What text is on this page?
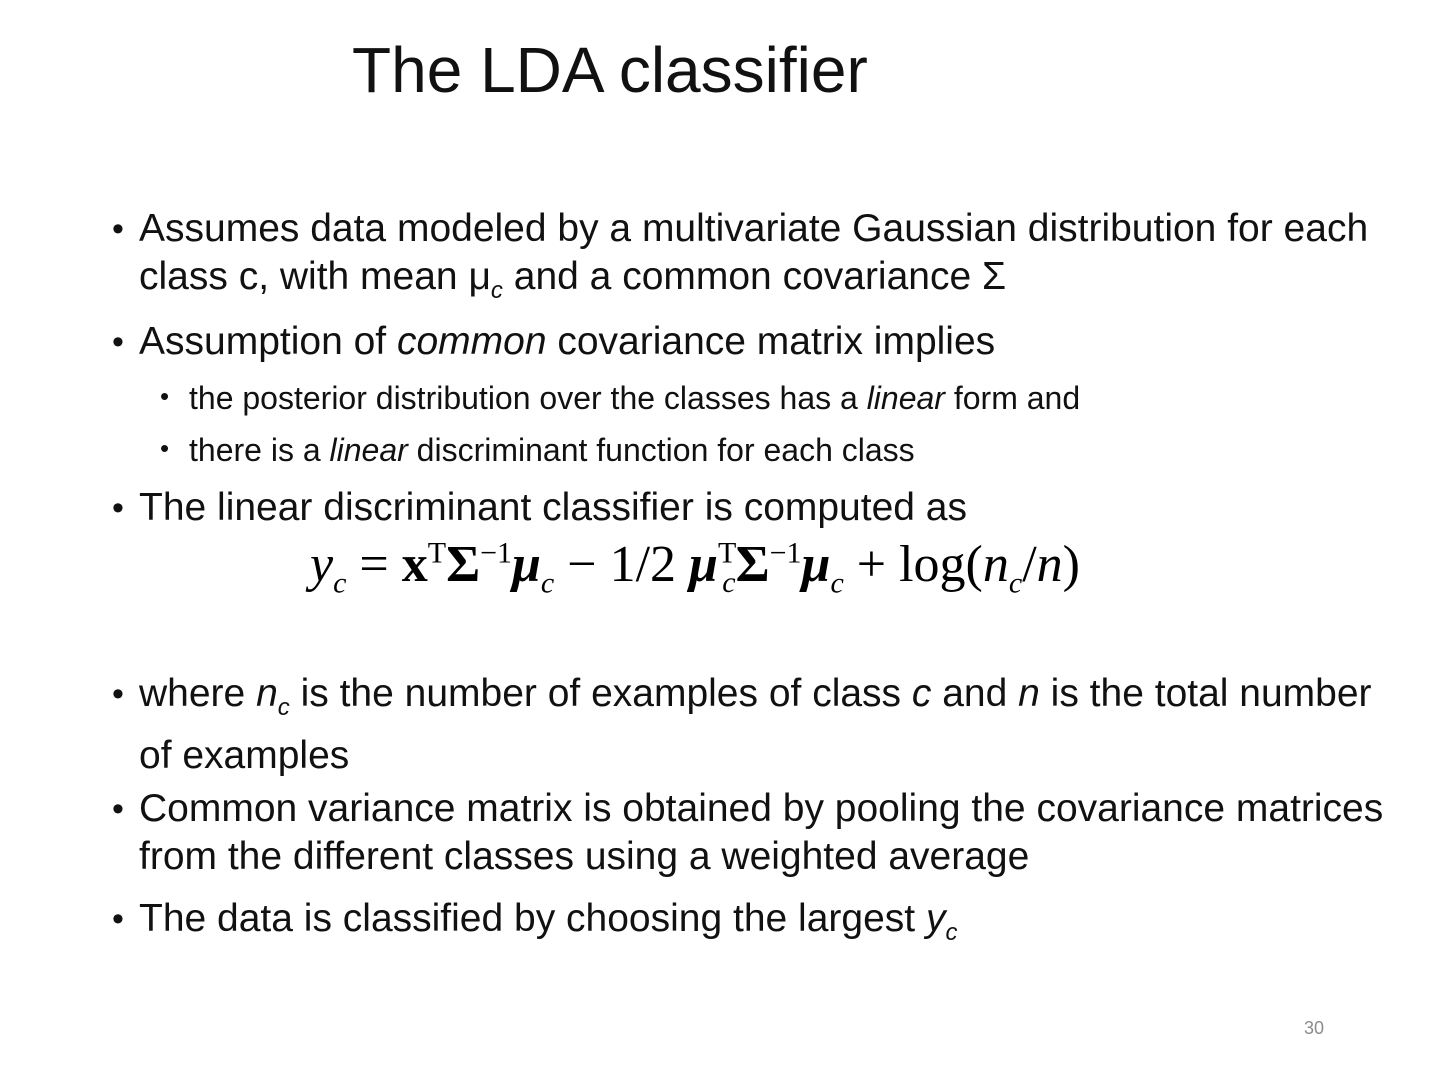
The LDA classifier
• Assumes data modeled by a multivariate Gaussian distribution for each class c, with mean $\mu_c$ and a common covariance Σ
• Assumption of common covariance matrix implies
• the posterior distribution over the classes has a linear form and
• there is a linear discriminant function for each class
• The linear discriminant classifier is computed as
$y_c = x^T\Sigma^{-1}\mu_c - 1/2$ $\mu^T_c\Sigma^{-1}\mu_c + \log(n_c/n)$
• where $n_c$ is the number of examples of class c and n is the total number of examples
• Common variance matrix is obtained by pooling the covariance matrices from the different classes using a weighted average
• The data is classified by choosing the largest $y_c$
30
